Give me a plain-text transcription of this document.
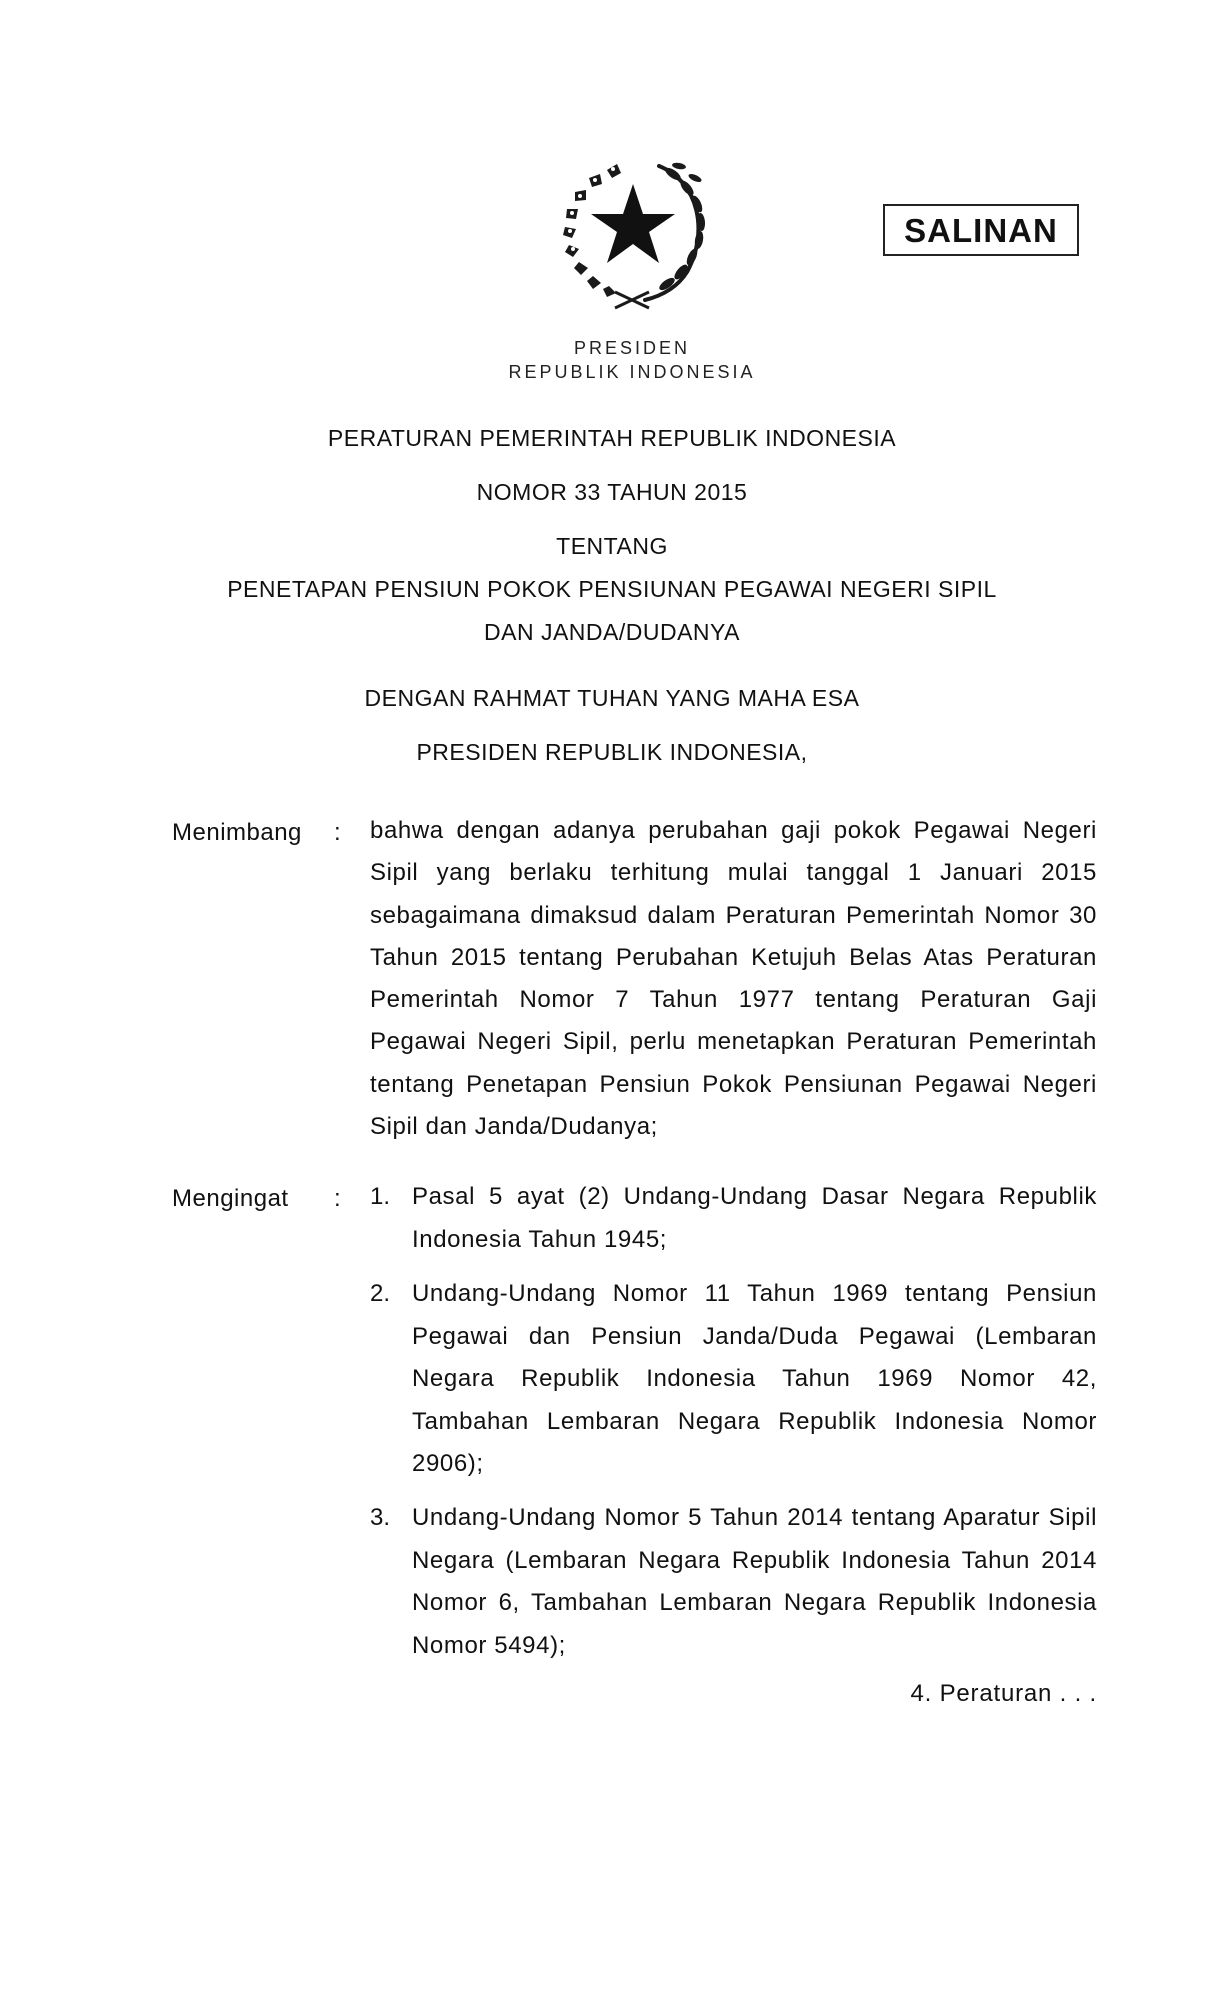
PRESIDEN
REPUBLIK INDONESIA
SALINAN
PERATURAN PEMERINTAH REPUBLIK INDONESIA
NOMOR 33 TAHUN 2015
TENTANG
PENETAPAN PENSIUN POKOK PENSIUNAN PEGAWAI NEGERI SIPIL
DAN JANDA/DUDANYA
DENGAN RAHMAT TUHAN YANG MAHA ESA
PRESIDEN REPUBLIK INDONESIA,
Menimbang : bahwa dengan adanya perubahan gaji pokok Pegawai Negeri Sipil yang berlaku terhitung mulai tanggal 1 Januari 2015 sebagaimana dimaksud dalam Peraturan Pemerintah Nomor 30 Tahun 2015 tentang Perubahan Ketujuh Belas Atas Peraturan Pemerintah Nomor 7 Tahun 1977 tentang Peraturan Gaji Pegawai Negeri Sipil, perlu menetapkan Peraturan Pemerintah tentang Penetapan Pensiun Pokok Pensiunan Pegawai Negeri Sipil dan Janda/Dudanya;

Mengingat : 1. Pasal 5 ayat (2) Undang-Undang Dasar Negara Republik Indonesia Tahun 1945;

2. Undang-Undang Nomor 11 Tahun 1969 tentang Pensiun Pegawai dan Pensiun Janda/Duda Pegawai (Lembaran Negara Republik Indonesia Tahun 1969 Nomor 42, Tambahan Lembaran Negara Republik Indonesia Nomor 2906);

3. Undang-Undang Nomor 5 Tahun 2014 tentang Aparatur Sipil Negara (Lembaran Negara Republik Indonesia Tahun 2014 Nomor 6, Tambahan Lembaran Negara Republik Indonesia Nomor 5494);

4. Peraturan . . .
